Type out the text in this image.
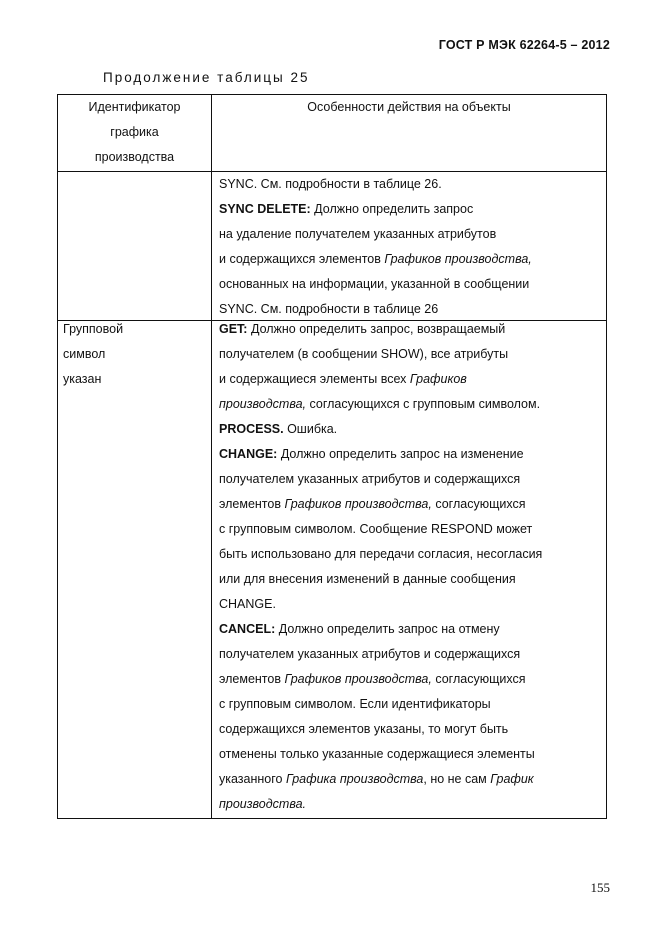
ГОСТ Р МЭК 62264-5 – 2012
Продолжение таблицы 25
Идентификатор
графика
производства
Особенности действия на объекты
SYNC. См. подробности в таблице 26.
SYNC DELETE: Должно определить запрос
на удаление получателем указанных атрибутов
и содержащихся элементов Графиков производства,
основанных на информации, указанной в сообщении
SYNC. См. подробности в таблице 26
Групповой
символ
указан
GET: Должно определить запрос, возвращаемый
получателем (в сообщении SHOW), все атрибуты
и содержащиеся элементы всех Графиков
производства, согласующихся с групповым символом.
PROCESS. Ошибка.
CHANGE: Должно определить запрос на изменение
получателем указанных атрибутов и содержащихся
элементов Графиков производства, согласующихся
с групповым символом. Сообщение RESPOND может
быть использовано для передачи согласия, несогласия
или для внесения изменений в данные сообщения
CHANGE.
CANCEL: Должно определить запрос на отмену
получателем указанных атрибутов и содержащихся
элементов Графиков производства, согласующихся
с групповым символом. Если идентификаторы
содержащихся элементов указаны, то могут быть
отменены только указанные содержащиеся элементы
указанного Графика производства, но не сам График
производства.
155
